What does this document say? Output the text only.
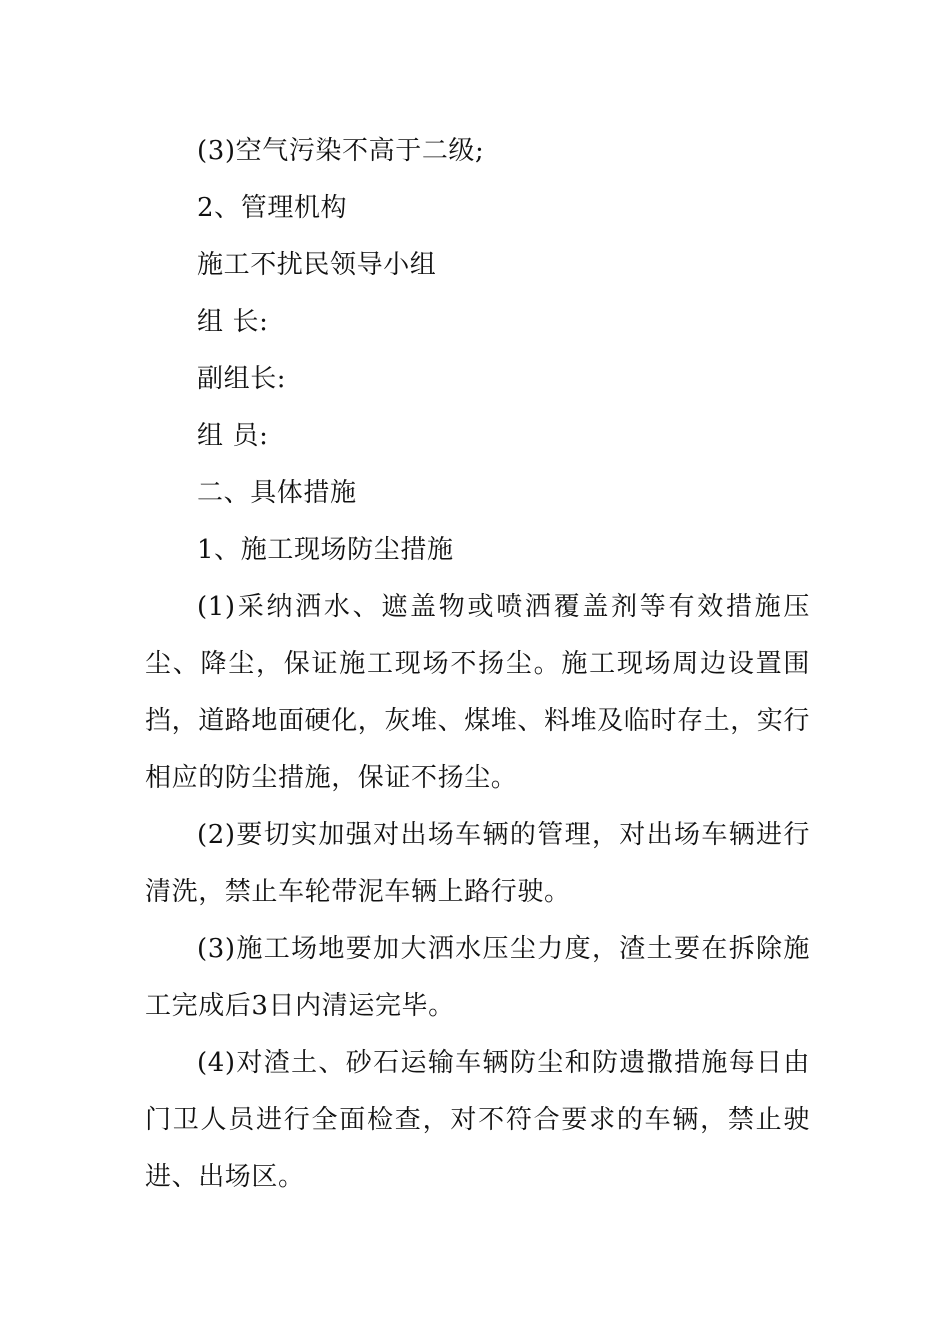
(3)空气污染不高于二级;

2、管理机构

施工不扰民领导小组

组 长:

副组长:

组 员:

二、具体措施

1、施工现场防尘措施

(1)采纳洒水、遮盖物或喷洒覆盖剂等有效措施压尘、降尘，保证施工现场不扬尘。施工现场周边设置围挡，道路地面硬化，灰堆、煤堆、料堆及临时存土，实行相应的防尘措施，保证不扬尘。

(2)要切实加强对出场车辆的管理，对出场车辆进行清洗，禁止车轮带泥车辆上路行驶。

(3)施工场地要加大洒水压尘力度，渣土要在拆除施工完成后3日内清运完毕。

(4)对渣土、砂石运输车辆防尘和防遗撒措施每日由门卫人员进行全面检查，对不符合要求的车辆，禁止驶进、出场区。
